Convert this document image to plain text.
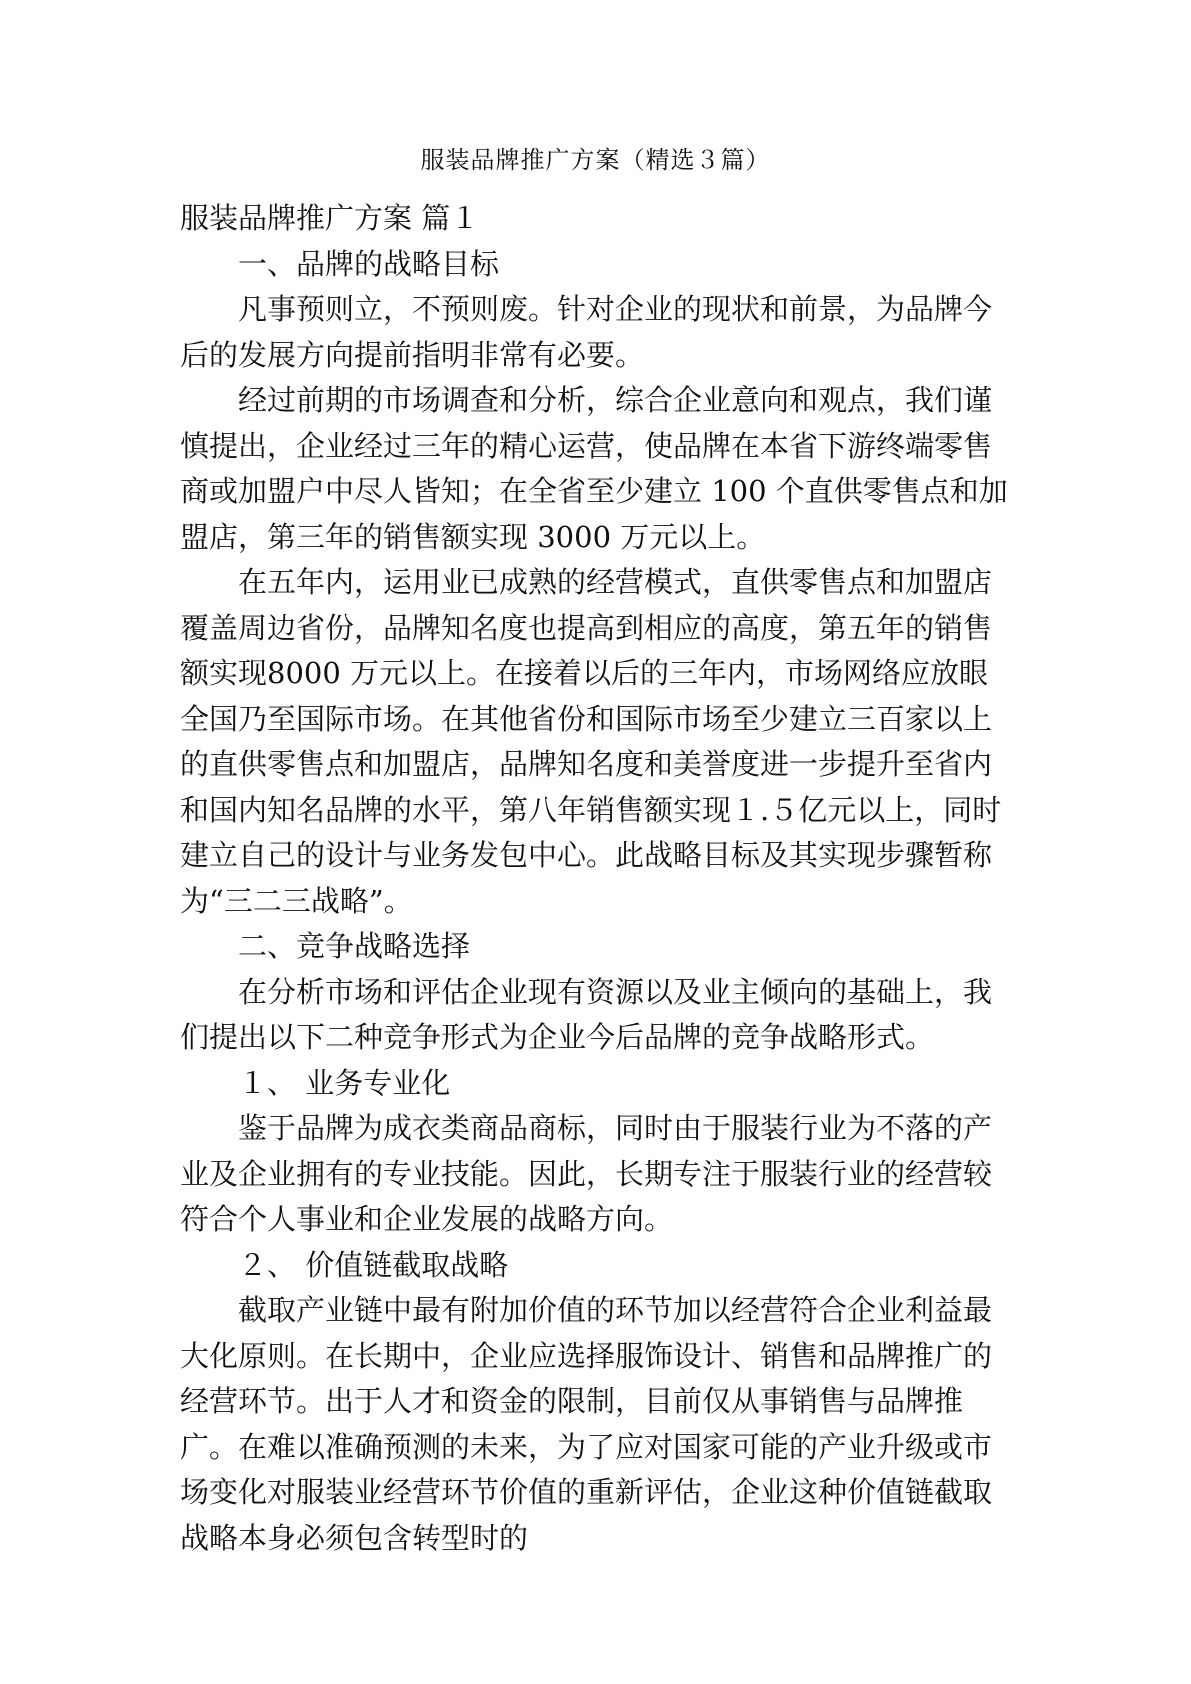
服装品牌推广方案（精选３篇）

服装品牌推广方案 篇１

一、品牌的战略目标

凡事预则立，不预则废。针对企业的现状和前景，为品牌今后的发展方向提前指明非常有必要。

经过前期的市场调查和分析，综合企业意向和观点，我们谨慎提出，企业经过三年的精心运营，使品牌在本省下游终端零售商或加盟户中尽人皆知；在全省至少建立 100 个直供零售点和加盟店，第三年的销售额实现 3000 万元以上。

在五年内，运用业已成熟的经营模式，直供零售点和加盟店覆盖周边省份，品牌知名度也提高到相应的高度，第五年的销售额实现8000 万元以上。在接着以后的三年内，市场网络应放眼全国乃至国际市场。在其他省份和国际市场至少建立三百家以上的直供零售点和加盟店，品牌知名度和美誉度进一步提升至省内和国内知名品牌的水平，第八年销售额实现１.５亿元以上，同时建立自己的设计与业务发包中心。此战略目标及其实现步骤暂称为“三二三战略”。

二、竞争战略选择

在分析市场和评估企业现有资源以及业主倾向的基础上，我们提出以下二种竞争形式为企业今后品牌的竞争战略形式。

１、 业务专业化

鉴于品牌为成衣类商品商标，同时由于服装行业为不落的产业及企业拥有的专业技能。因此，长期专注于服装行业的经营较符合个人事业和企业发展的战略方向。

２、 价值链截取战略

截取产业链中最有附加价值的环节加以经营符合企业利益最大化原则。在长期中，企业应选择服饰设计、销售和品牌推广的经营环节。出于人才和资金的限制，目前仅从事销售与品牌推广。在难以准确预测的未来，为了应对国家可能的产业升级或市场变化对服装业经营环节价值的重新评估，企业这种价值链截取战略本身必须包含转型时的
